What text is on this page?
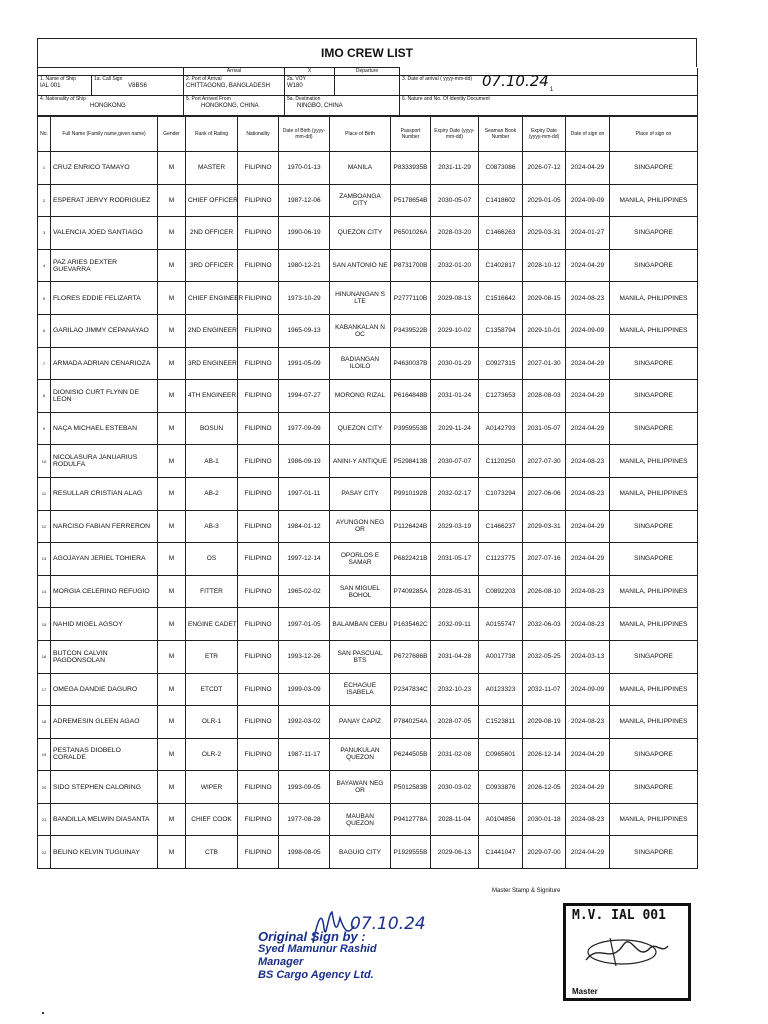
IMO CREW LIST
		Arrival	X	Departure	
1. Name of Ship
IAL 001	1a. Call Sign
V8BS6	2. Port of Arrival
CHITTAGONG, BANGLADESH	2a. VOY
W180		3. Date of arrival ( yyyy-mm-dd)
4. Nationality of Ship
HONGKONG		5. Port Arrived From
HONGKONG, CHINA	5a. Destination
NINGBO, CHINA		6. Nature and No. Of Identity Document1
07.10.24
No.	Full Name (Family name,given name)	Gender	Rank of Rating	Nationality	Date of Birth (yyyy-mm-dd)	Place of Birth	Passport Number	Expiry Date (yyyy-mm-dd)	Seaman Book Number	Expiry Date (yyyy-mm-dd)	Date of sign on	Place of sign on
1	CRUZ ENRICO TAMAYO	M	MASTER	FILIPINO	1970-01-13	MANILA	P8333935B	2031-11-29	C0873086	2026-07-12	2024-04-29	SINGAPORE
2	ESPERAT JERVY RODRIGUEZ	M	CHIEF OFFICER	FILIPINO	1987-12-06	ZAMBOANGA CITY	P5178654B	2030-05-07	C1418602	2029-01-05	2024-09-09	MANILA, PHILIPPINES
3	VALENCIA JOED SANTIAGO	M	2ND OFFICER	FILIPINO	1990-06-19	QUEZON CITY	P6501026A	2028-03-20	C1466263	2029-03-31	2024-01-27	SINGAPORE
4	PAZ ARIES DEXTER GUEVARRA	M	3RD OFFICER	FILIPINO	1980-12-21	SAN ANTONIO NE	P8731700B	2032-01-20	C1402817	2028-10-12	2024-04-29	SINGAPORE
5	FLORES EDDIE FELIZARTA	M	CHIEF ENGINEER	FILIPINO	1973-10-29	HINUNANGAN S LTE	P2777110B	2029-08-13	C1516642	2029-08-15	2024-08-23	MANILA, PHILIPPINES
6	GARILAO JIMMY CEPANAYAO	M	2ND ENGINEER	FILIPINO	1965-09-13	KABANKALAN N OC	P3439522B	2029-10-02	C1358794	2029-10-01	2024-09-09	MANILA, PHILIPPINES
7	ARMADA ADRIAN CENARIOZA	M	3RD ENGINEER	FILIPINO	1991-05-09	BADIANGAN ILOILO	P4630037B	2030-01-29	C0927315	2027-01-30	2024-04-29	SINGAPORE
8	DIONISIO CURT FLYNN DE LEON	M	4TH ENGINEER	FILIPINO	1994-07-27	MORONG RIZAL	P6164848B	2031-01-24	C1273653	2028-08-03	2024-04-29	SINGAPORE
9	NAÇA MICHAEL ESTEBAN	M	BOSUN	FILIPINO	1977-09-09	QUEZON CITY	P3959553B	2029-11-24	A0142793	2031-05-07	2024-04-29	SINGAPORE
10	NICOLASURA JANUARIUS RODULFA	M	AB-1	FILIPINO	1986-09-19	ANINI-Y ANTIQUE	P5298413B	2030-07-07	C1120250	2027-07-30	2024-08-23	MANILA, PHILIPPINES
11	RESULLAR CRISTIAN ALAG	M	AB-2	FILIPINO	1997-01-11	PASAY CITY	P9910192B	2032-02-17	C1073294	2027-06-06	2024-08-23	MANILA, PHILIPPINES
12	NARCISO FABIAN FERRERON	M	AB-3	FILIPINO	1984-01-12	AYUNGON NEG OR	P1126424B	2029-03-19	C1466237	2029-03-31	2024-04-29	SINGAPORE
13	AGOJAYAN JERIEL TOHIERA	M	OS	FILIPINO	1997-12-14	OPORLOS E SAMAR	P6822421B	2031-05-17	C1123775	2027-07-16	2024-04-29	SINGAPORE
14	MORGIA CELERINO REFUGIO	M	FITTER	FILIPINO	1965-02-02	SAN MIGUEL BOHOL	P7409285A	2028-05-31	C0892203	2026-08-10	2024-08-23	MANILA, PHILIPPINES
15	NAHID MIGEL AGSOY	M	ENGINE CADET	FILIPINO	1997-01-05	BALAMBAN CEBU	P1635462C	2032-09-11	A0155747	2032-06-03	2024-08-23	MANILA, PHILIPPINES
16	BUTCON CALVIN PAGDONSOLAN	M	ETR	FILIPINO	1993-12-26	SAN PASCUAL BTS	P6727686B	2031-04-28	A0017738	2032-05-25	2024-03-13	SINGAPORE
17	OMEGA DANDIE DAGURO	M	ETCDT	FILIPINO	1999-03-09	ECHAGUE ISABELA	P2347834C	2032-10-23	A0123323	2032-11-07	2024-09-09	MANILA, PHILIPPINES
18	ADREMESIN GLEEN AGAO	M	OLR-1	FILIPINO	1992-03-02	PANAY CAPIZ	P7840254A	2028-07-05	C1523811	2029-08-19	2024-08-23	MANILA, PHILIPPINES
19	PESTANAS DIOBELO CORALDE	M	OLR-2	FILIPINO	1987-11-17	PANUKULAN QUEZON	P6244505B	2031-02-08	C0965601	2026-12-14	2024-04-29	SINGAPORE
20	SIDO STEPHEN CALORING	M	WIPER	FILIPINO	1993-09-05	BAYAWAN NEG OR	P5012583B	2030-03-02	C0933876	2026-12-05	2024-04-29	SINGAPORE
21	BANDILLA MELWIN DIASANTA	M	CHIEF COOK	FILIPINO	1977-08-28	MAUBAN QUEZON	P9412778A	2028-11-04	A0104856	2030-01-18	2024-08-23	MANILA, PHILIPPINES
22	BELINO KELVIN TUGUINAY	M	CTB	FILIPINO	1998-08-05	BAGUIO CITY	P1929555B	2029-06-13	C1441047	2029-07-00	2024-04-29	SINGAPORE
Master Stamp & Signiture
07.10.24
Original Sign by :
Syed Mamunur Rashid
Manager
BS Cargo Agency Ltd.
M.V. IAL 001
Master
